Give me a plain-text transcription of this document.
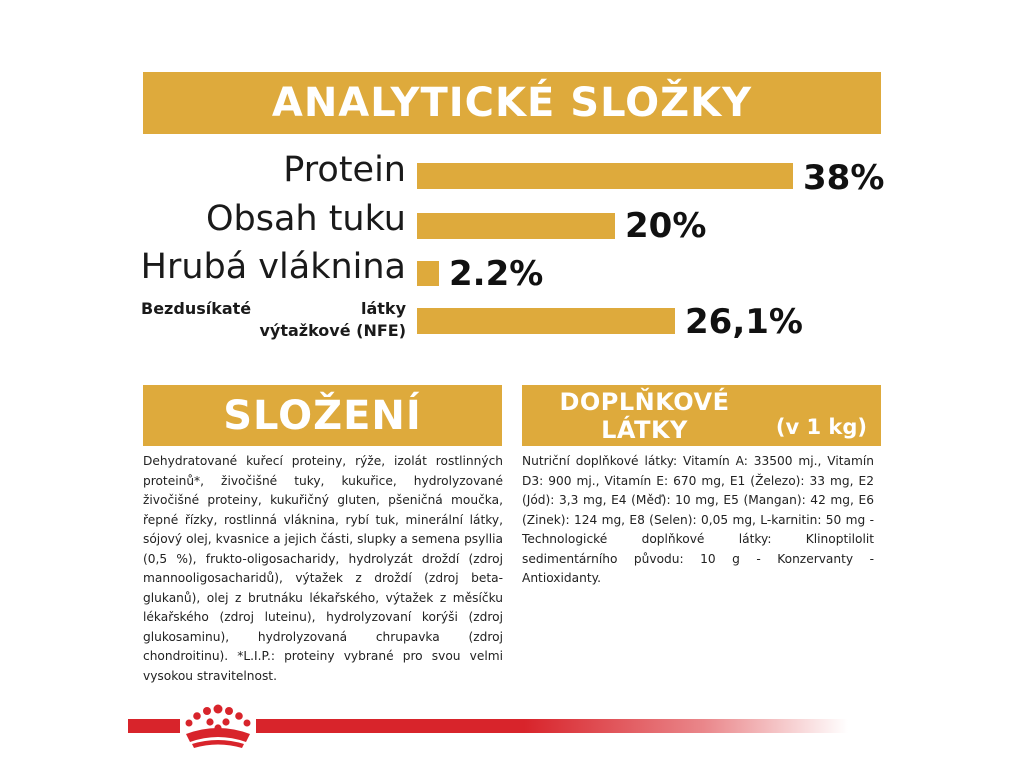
ANALYTICKÉ SLOŽKY
Protein
Obsah tuku
Hrubá vláknina
Bezdusíkaté	látky
výtažkové (NFE)
38%
20%
2.2%
26,1%
SLOŽENÍ
Dehydratované kuřecí proteiny, rýže, izolát rostlinných proteinů*, živočišné tuky, kukuřice, hydrolyzované živočišné proteiny, kukuřičný gluten, pšeničná moučka, řepné řízky, rostlinná vláknina, rybí tuk, minerální látky, sójový olej, kvasnice a jejich části, slupky a semena psyllia (0,5 %), frukto-oligosacharidy, hydrolyzát droždí (zdroj mannooligosacharidů), výtažek z droždí (zdroj beta-glukanů), olej z brutnáku lékařského, výtažek z měsíčku lékařského (zdroj luteinu), hydrolyzovaní korýši (zdroj glukosaminu), hydrolyzovaná chrupavka (zdroj chondroitinu). *L.I.P.: proteiny vybrané pro svou velmi vysokou stravitelnost.
DOPLŇKOVÉ
LÁTKY	(v 1 kg)
Nutriční doplňkové látky: Vitamín A: 33500 mj., Vitamín D3: 900 mj., Vitamín E: 670 mg, E1 (Železo): 33 mg, E2 (Jód): 3,3 mg, E4 (Měď): 10 mg, E5 (Mangan): 42 mg, E6 (Zinek): 124 mg, E8 (Selen): 0,05 mg, L-karnitin: 50 mg - Technologické doplňkové látky: Klinoptilolit sedimentárního původu: 10 g - Konzervanty - Antioxidanty.
